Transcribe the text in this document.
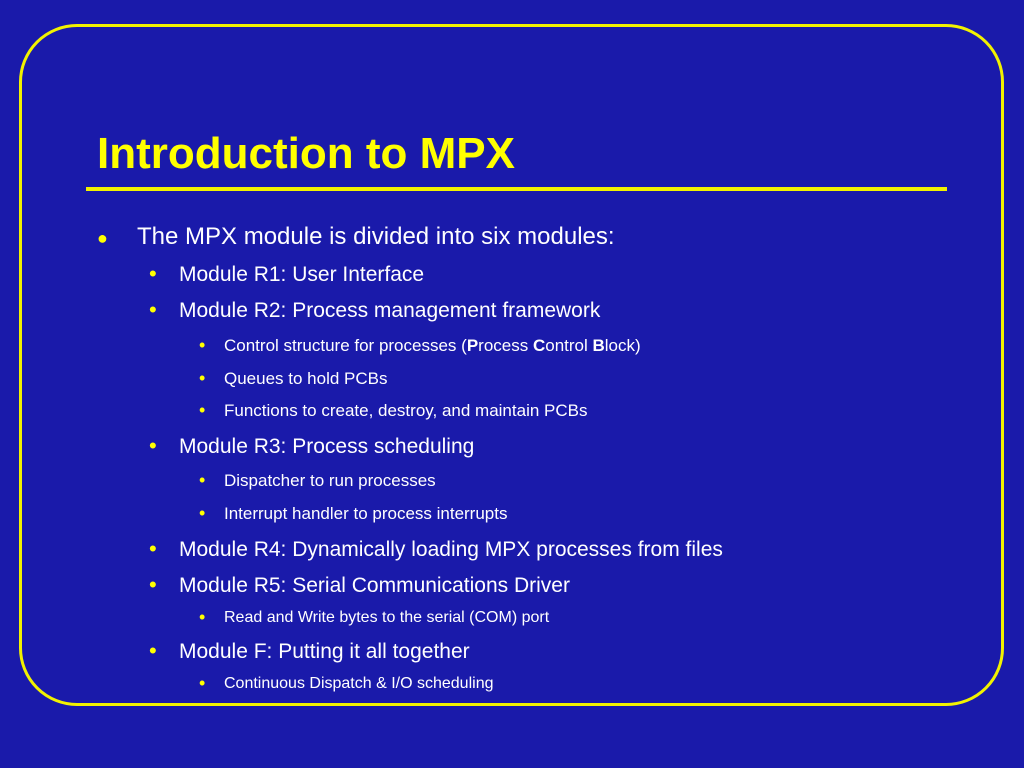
Introduction to MPX
● The MPX module is divided into six modules:
• Module R1: User Interface
• Module R2: Process management framework
• Control structure for processes (Process Control Block)
• Queues to hold PCBs
• Functions to create, destroy, and maintain PCBs
• Module R3: Process scheduling
• Dispatcher to run processes
• Interrupt handler to process interrupts
• Module R4: Dynamically loading MPX processes from files
• Module R5: Serial Communications Driver
• Read and Write bytes to the serial (COM) port
• Module F: Putting it all together
• Continuous Dispatch & I/O scheduling
